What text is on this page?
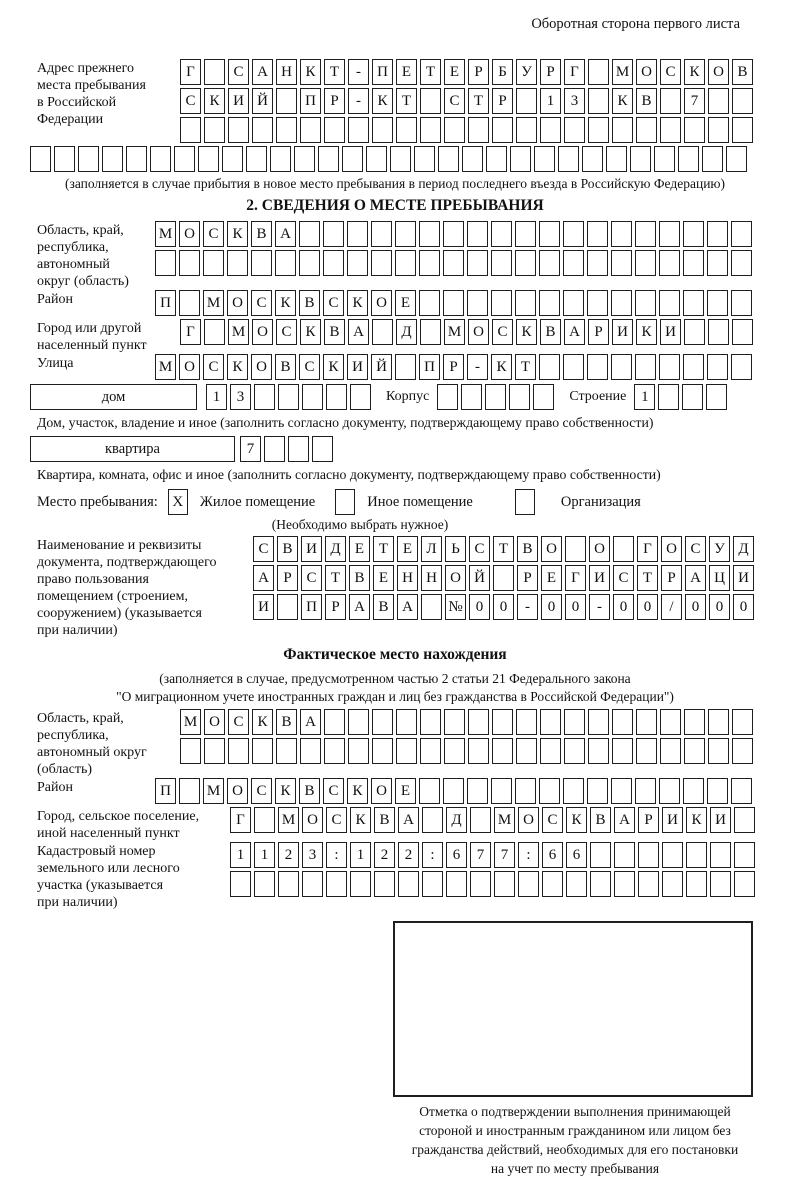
Оборотная сторона первого листа
Адрес прежнего
места пребывания
в Российской
Федерации
Г	С А Н К Т	-	П Е Т Е	Р	Б У Р	Г	М О С К О В
С К И Й	П Р	-	К Т	С Т	Р	1	3	К В	7
(заполняется в случае прибытия в новое место пребывания в период последнего въезда в Российскую Федерацию)
2. СВЕДЕНИЯ О МЕСТЕ ПРЕБЫВАНИЯ
Область, край,
республика,
автономный
округ (область)
М О С К В А
Район	П	М О С К В С К О Е
Город или другой
населенный пункт
Г	М О С К В А	Д	М О С К В А Р И К И
Улица	М О С К О В С К И Й	П Р	-	К Т
дом	1	3	Корпус	Строение 1
Дом, участок, владение и иное (заполнить согласно документу, подтверждающему право собственности)
квартира	7
Квартира, комната, офис и иное (заполнить согласно документу, подтверждающему право собственности)
Место пребывания: X	Жилое помещение	Иное помещение	Организация
(Необходимо выбрать нужное)
Наименование и реквизиты
документа, подтверждающего
право пользования
помещением (строением,
сооружением) (указывается
при наличии)
С В И Д Е Т Е Л Ь С Т В О	О	Г О С У Д
А Р С Т В Е Н Н О Й	Р	Е	Г И С Т	Р А Ц И
И	П Р А В А	№ 0	0	-	0	0	-	0	0	/	0	0	0
Фактическое место нахождения
(заполняется в случае, предусмотренном частью 2 статьи 21 Федерального закона
"О миграционном учете иностранных граждан и лиц без гражданства в Российской Федерации")
Область, край,
республика,
автономный округ
(область)
М О С К В А
Район	П	М О С К В С К О Е
Город, сельское поселение,
иной населенный пункт
Г	М О С К В А	Д	М О С К В А Р И К И
Кадастровый номер
земельного или лесного
участка (указывается
при наличии)
1	1	2	3	:	1	2	2	:	6	7	7	:	6	6
Отметка о подтверждении выполнения принимающей
стороной и иностранным гражданином или лицом без
гражданства действий, необходимых для его постановки
на учет по месту пребывания
